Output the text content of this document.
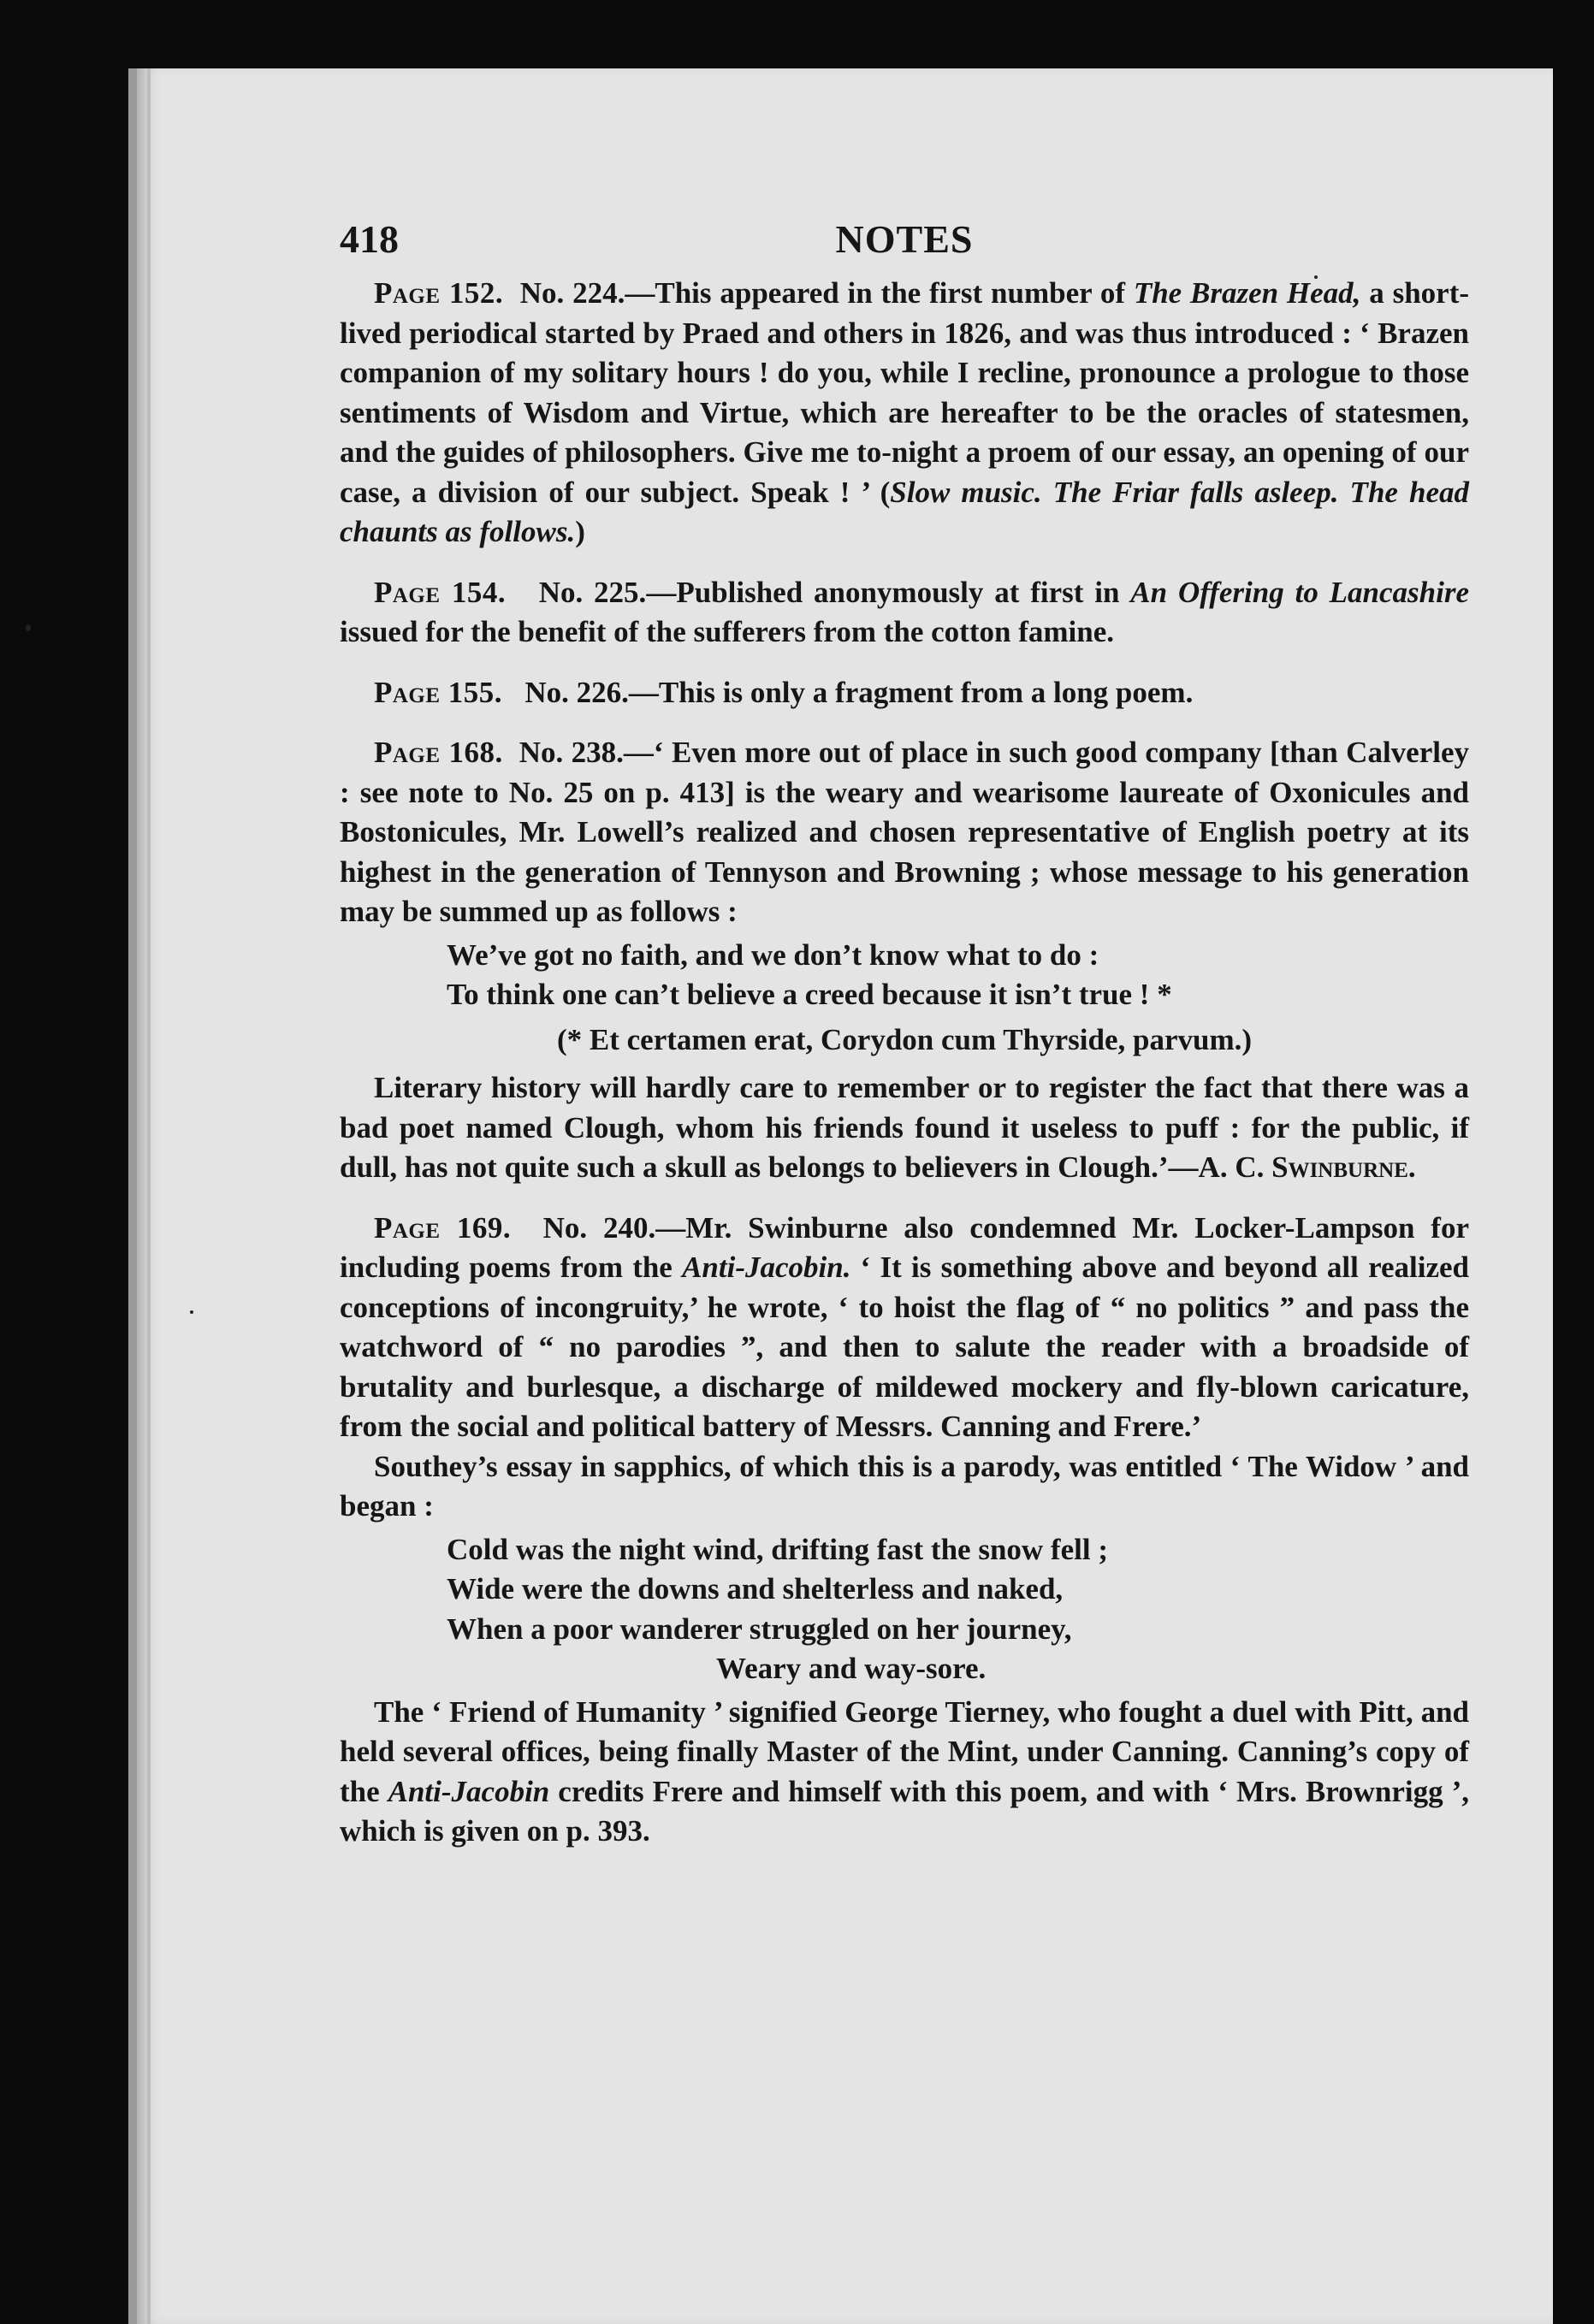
418	NOTES

Page 152. No. 224.—This appeared in the first number of The Brazen Head, a short-lived periodical started by Praed and others in 1826, and was thus introduced : ‘ Brazen companion of my solitary hours ! do you, while I recline, pronounce a prologue to those sentiments of Wisdom and Virtue, which are hereafter to be the oracles of statesmen, and the guides of philosophers. Give me to-night a proem of our essay, an opening of our case, a division of our subject. Speak ! ’ (Slow music. The Friar falls asleep. The head chaunts as follows.)

Page 154. No. 225.—Published anonymously at first in An Offering to Lancashire issued for the benefit of the sufferers from the cotton famine.

Page 155. No. 226.—This is only a fragment from a long poem.

Page 168. No. 238.—‘ Even more out of place in such good company [than Calverley : see note to No. 25 on p. 413] is the weary and wearisome laureate of Oxonicules and Bostonicules, Mr. Lowell’s realized and chosen representative of English poetry at its highest in the generation of Tennyson and Browning ; whose message to his generation may be summed up as follows :

We’ve got no faith, and we don’t know what to do :
To think one can’t believe a creed because it isn’t true ! *
(* Et certamen erat, Corydon cum Thyrside, parvum.)

Literary history will hardly care to remember or to register the fact that there was a bad poet named Clough, whom his friends found it useless to puff : for the public, if dull, has not quite such a skull as belongs to believers in Clough.’—A. C. Swinburne.

Page 169. No. 240.—Mr. Swinburne also condemned Mr. Locker-Lampson for including poems from the Anti-Jacobin. ‘ It is something above and beyond all realized conceptions of incongruity,’ he wrote, ‘ to hoist the flag of “ no politics ” and pass the watchword of “ no parodies ”, and then to salute the reader with a broadside of brutality and burlesque, a discharge of mildewed mockery and fly-blown caricature, from the social and political battery of Messrs. Canning and Frere.’

Southey’s essay in sapphics, of which this is a parody, was entitled ‘ The Widow ’ and began :

Cold was the night wind, drifting fast the snow fell ;
Wide were the downs and shelterless and naked,
When a poor wanderer struggled on her journey,
Weary and way-sore.

The ‘ Friend of Humanity ’ signified George Tierney, who fought a duel with Pitt, and held several offices, being finally Master of the Mint, under Canning. Canning’s copy of the Anti-Jacobin credits Frere and himself with this poem, and with ‘ Mrs. Brownrigg ’, which is given on p. 393.
